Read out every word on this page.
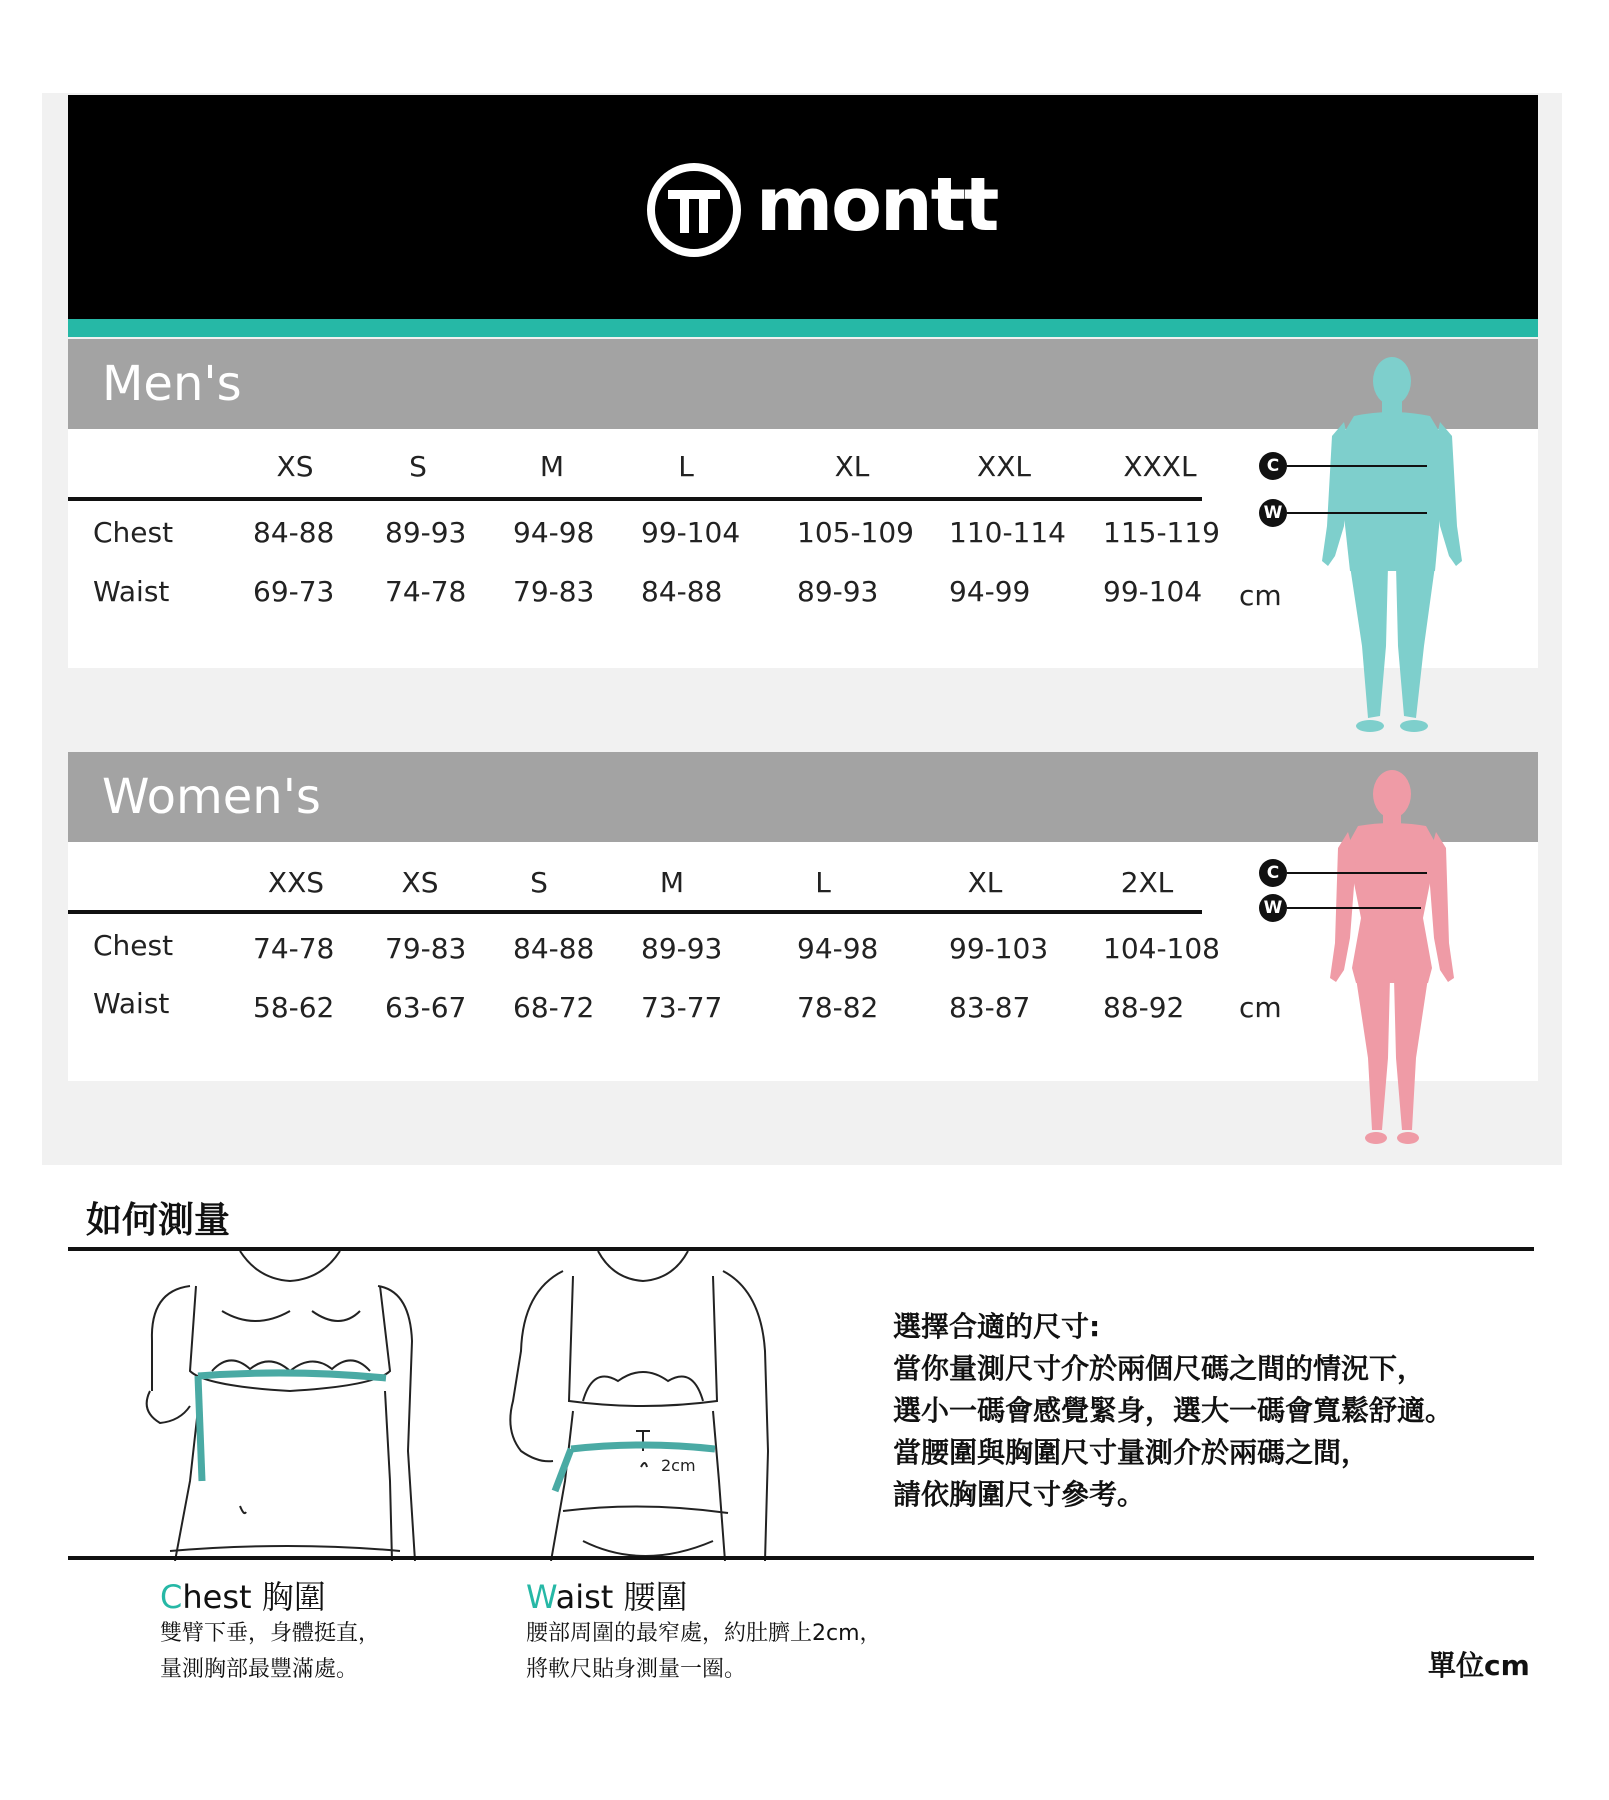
montt
Men's
XS	S	M	L	XL	XXL	XXXL
Chest	84-88 89-93 94-98 99-104 105-109 110-114 115-119
Waist	69-73 74-78 79-83 84-88	89-93	94-99	99-104 cm
C
W
Women's
XXS	XS	S	M	L	XL	2XL
Chest	74-78 79-83 84-88 89-93	94-98	99-103 104-108
Waist	58-62 63-67 68-72 73-77	78-82	83-87	88-92 cm
C
W
如何測量
2cm
選擇合適的尺寸:
當你量測尺寸介於兩個尺碼之間的情況下，
選小一碼會感覺緊身，選大一碼會寬鬆舒適。
當腰圍與胸圍尺寸量測介於兩碼之間，
請依胸圍尺寸參考。
Chest 胸圍
雙臂下垂，身體挺直，
量測胸部最豐滿處。
Waist 腰圍
腰部周圍的最窄處，約肚臍上2cm，
將軟尺貼身測量一圈。	單位cm
